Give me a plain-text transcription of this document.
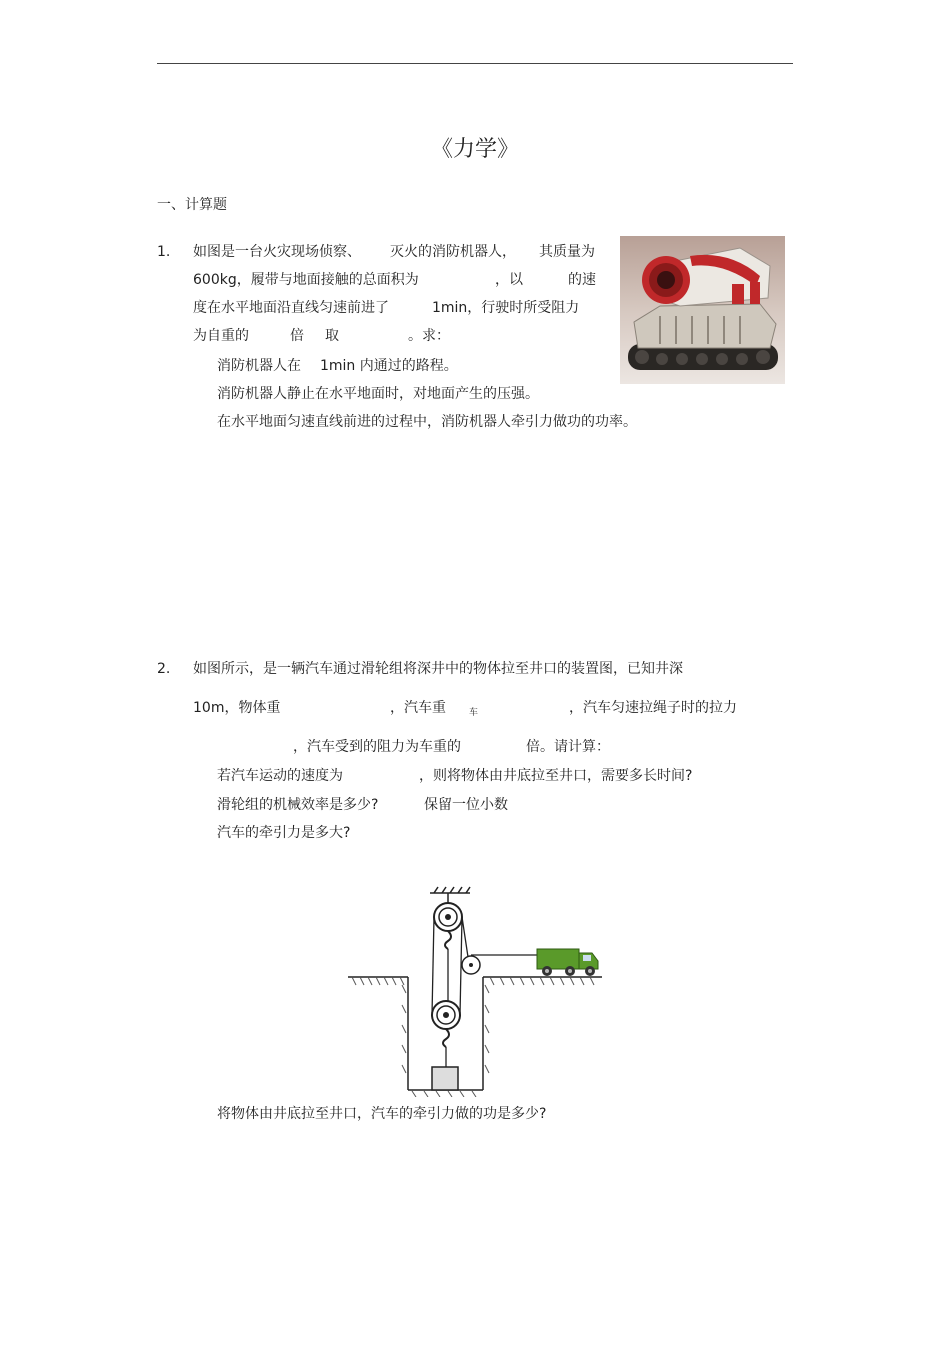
《力学》
一、计算题
1. 如图是一台火灾现场侦察、 灭火的消防机器人， 其质量为
600kg，履带与地面接触的总面积为	，以	的速
度在水平地面沿直线匀速前进了	1min，行驶时所受阻力
为自重的	倍 取	。求：
消防机器人在 1min 内通过的路程。
消防机器人静止在水平地面时，对地面产生的压强。
在水平地面匀速直线前进的过程中，消防机器人牵引力做功的功率。
2. 如图所示，是一辆汽车通过滑轮组将深井中的物体拉至井口的装置图，已知井深
10m，物体重	，汽车重	车	，汽车匀速拉绳子时的拉力
，汽车受到的阻力为车重的	倍。请计算：
若汽车运动的速度为	，则将物体由井底拉至井口，需要多长时间?
滑轮组的机械效率是多少?	保留一位小数
汽车的牵引力是多大?
将物体由井底拉至井口，汽车的牵引力做的功是多少?
